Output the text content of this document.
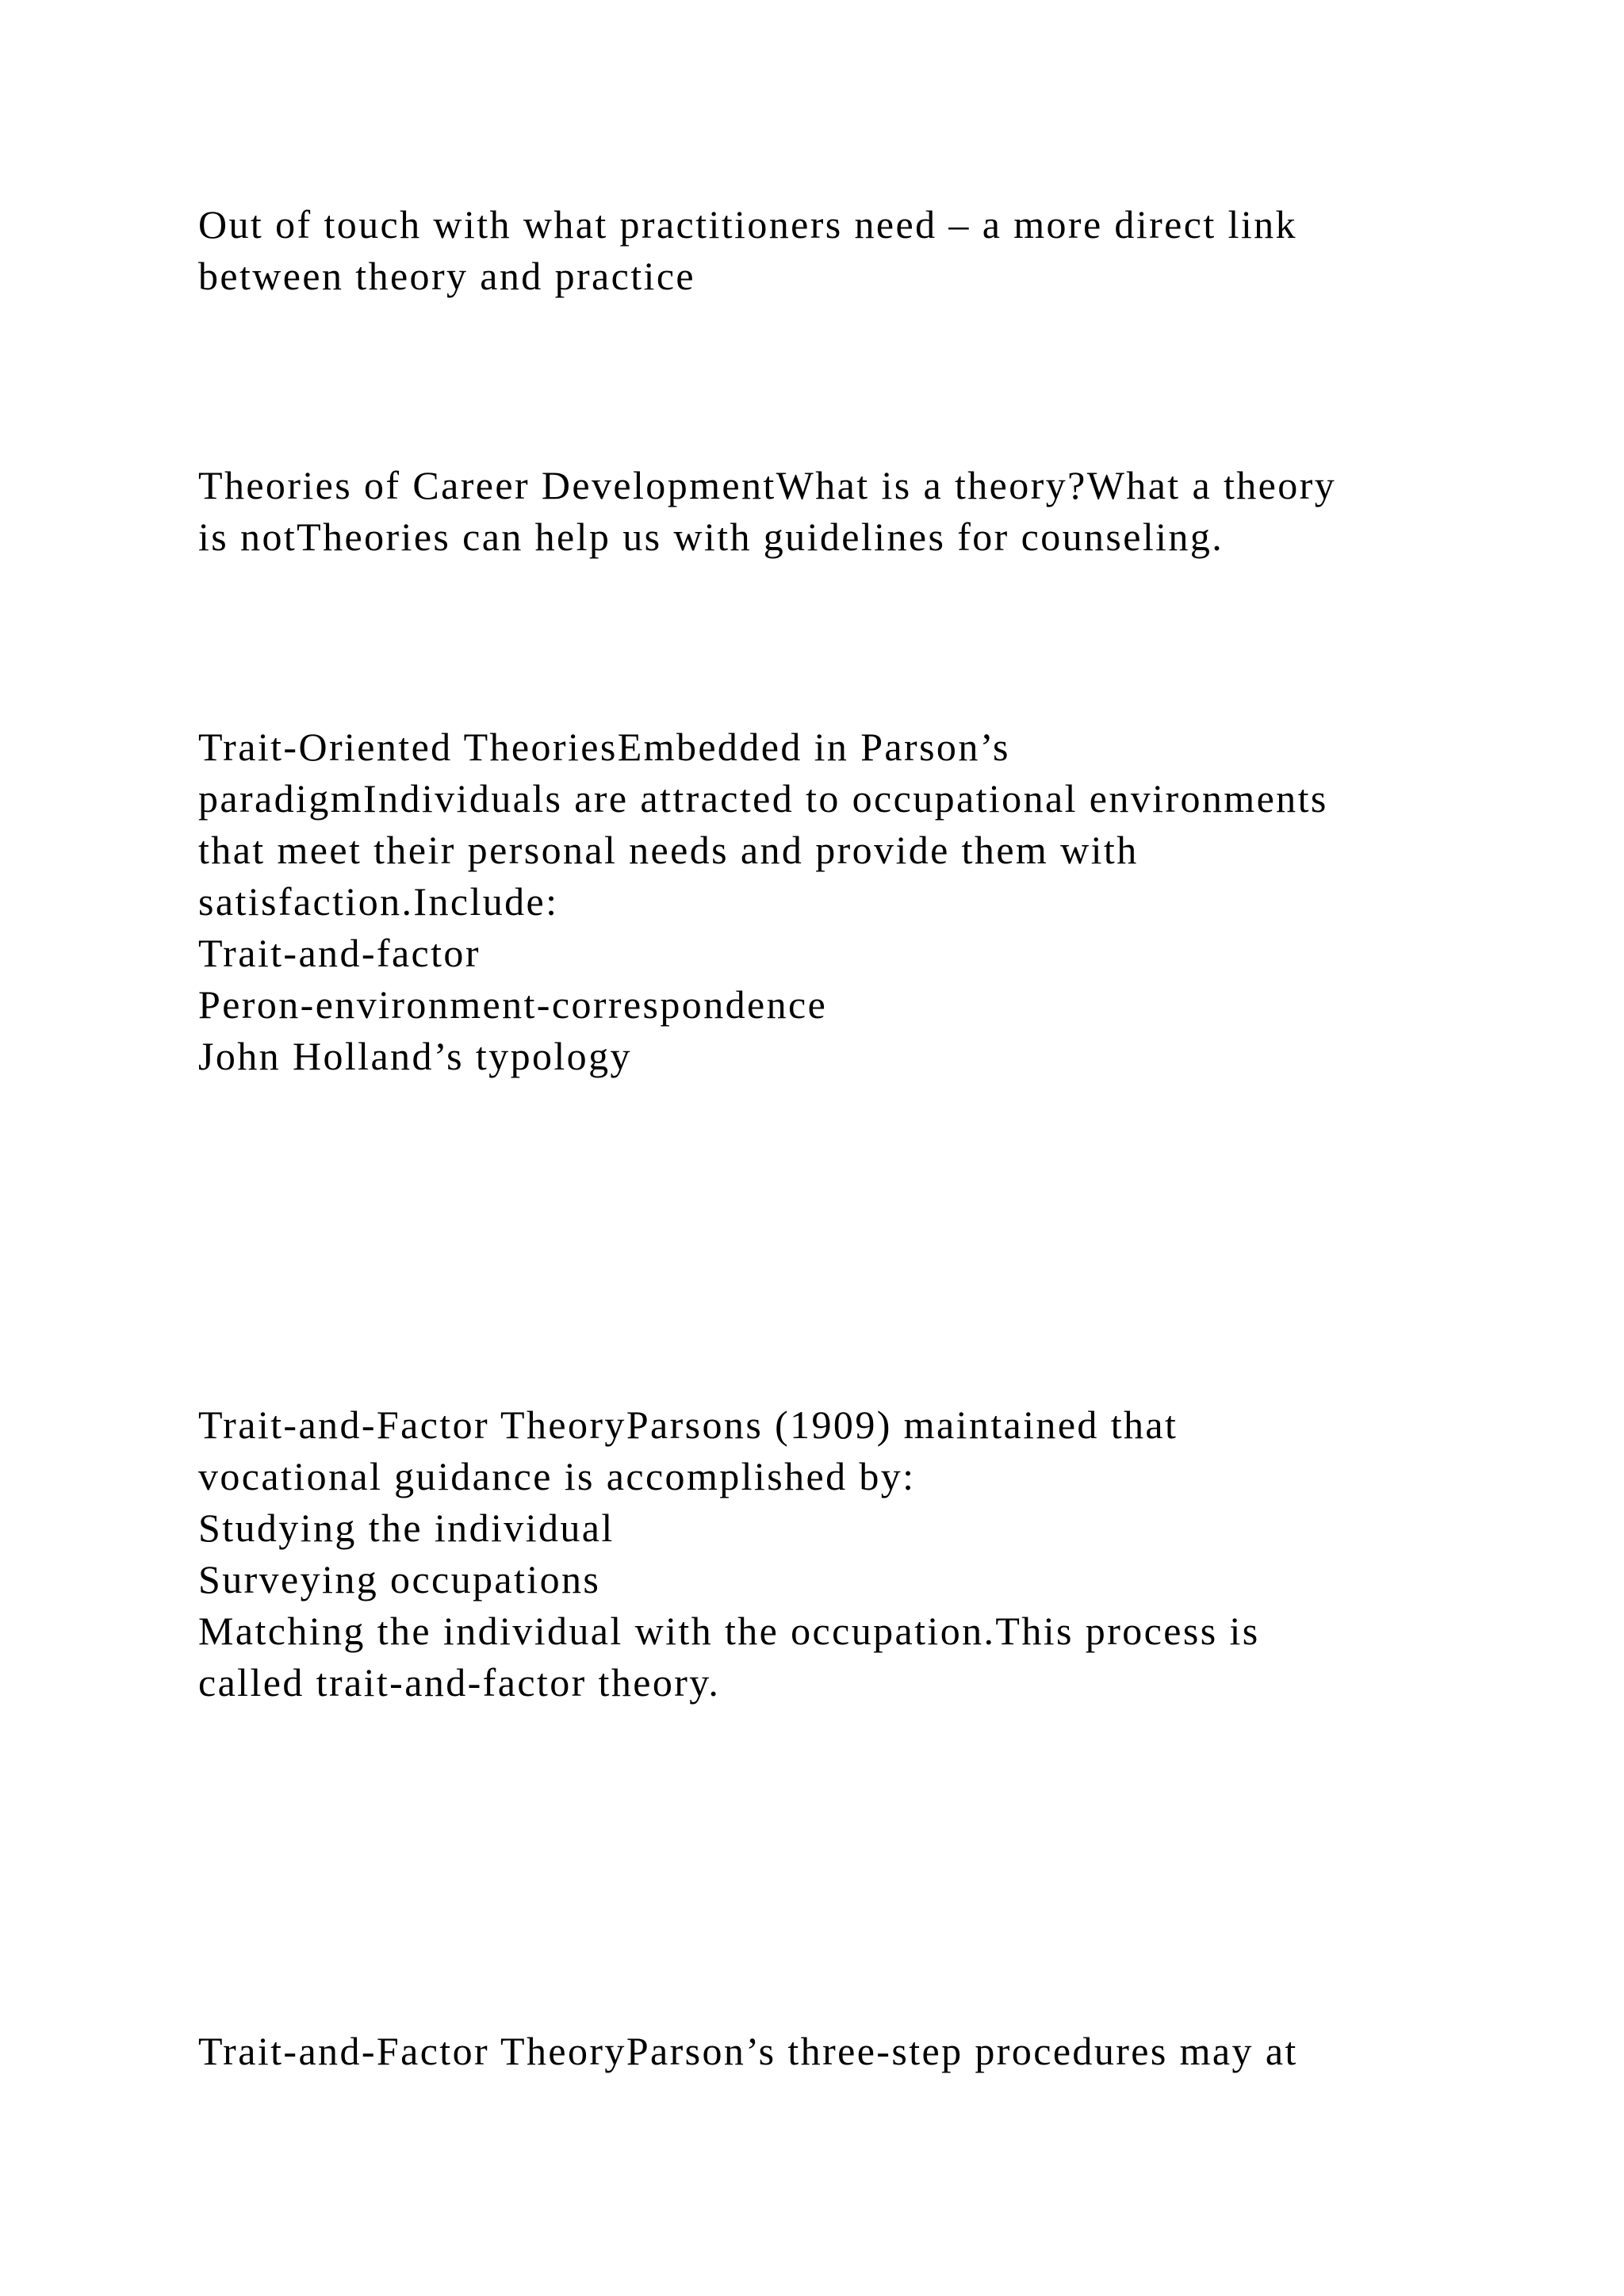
Out of touch with what practitioners need – a more direct link

between theory and practice

Theories of Career DevelopmentWhat is a theory?What a theory

is notTheories can help us with guidelines for counseling.

Trait-Oriented TheoriesEmbedded in Parson’s

paradigmIndividuals are attracted to occupational environments

that meet their personal needs and provide them with

satisfaction.Include:

Trait-and-factor

Peron-environment-correspondence

John Holland’s typology

Trait-and-Factor TheoryParsons (1909) maintained that

vocational guidance is accomplished by:

Studying the individual

Surveying occupations

Matching the individual with the occupation.This process is

called trait-and-factor theory.

Trait-and-Factor TheoryParson’s three-step procedures may at
